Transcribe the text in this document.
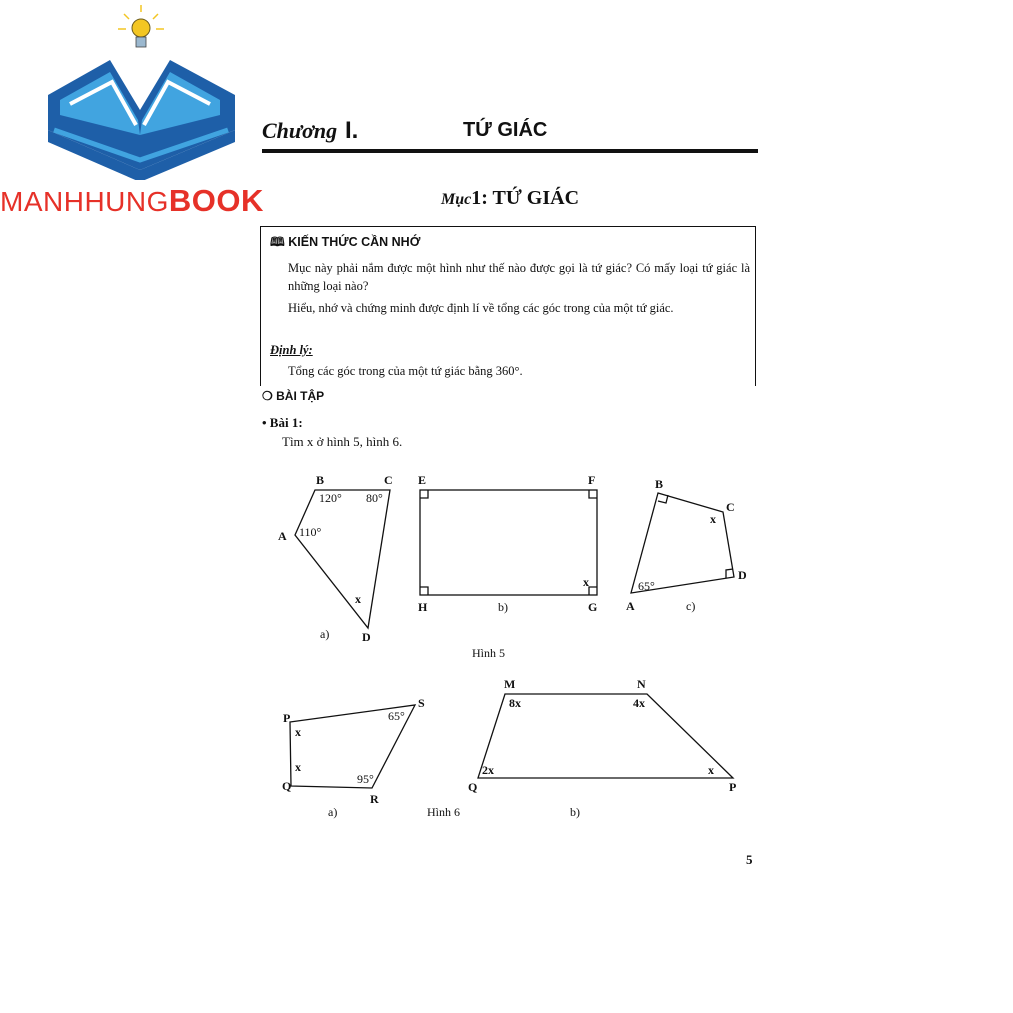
MANHHUNGBOOK
Chương I.	TỨ GIÁC
Mục1: TỨ GIÁC
🕮 KIẾN THỨC CẦN NHỚ
Mục này phải nắm được một hình như thế nào được gọi là tứ giác? Có mấy loại tứ giác là những loại nào?
Hiểu, nhớ và chứng minh được định lí về tổng các góc trong của một tứ giác.
Định lý:
Tổng các góc trong của một tứ giác bằng 360°.
❍ BÀI TẬP
• Bài 1:
Tìm x ở hình 5, hình 6.
B	C
A
D
120° 80°
110°
x
a)
E	F
G
H
x
b)
B
C
D
A
65°
x
c)
Hình 5
P
S
R
Q
x
65°
95°
x
a)	Hình 6
M	N
P
Q
8x	4x
x
2x
b)
5
